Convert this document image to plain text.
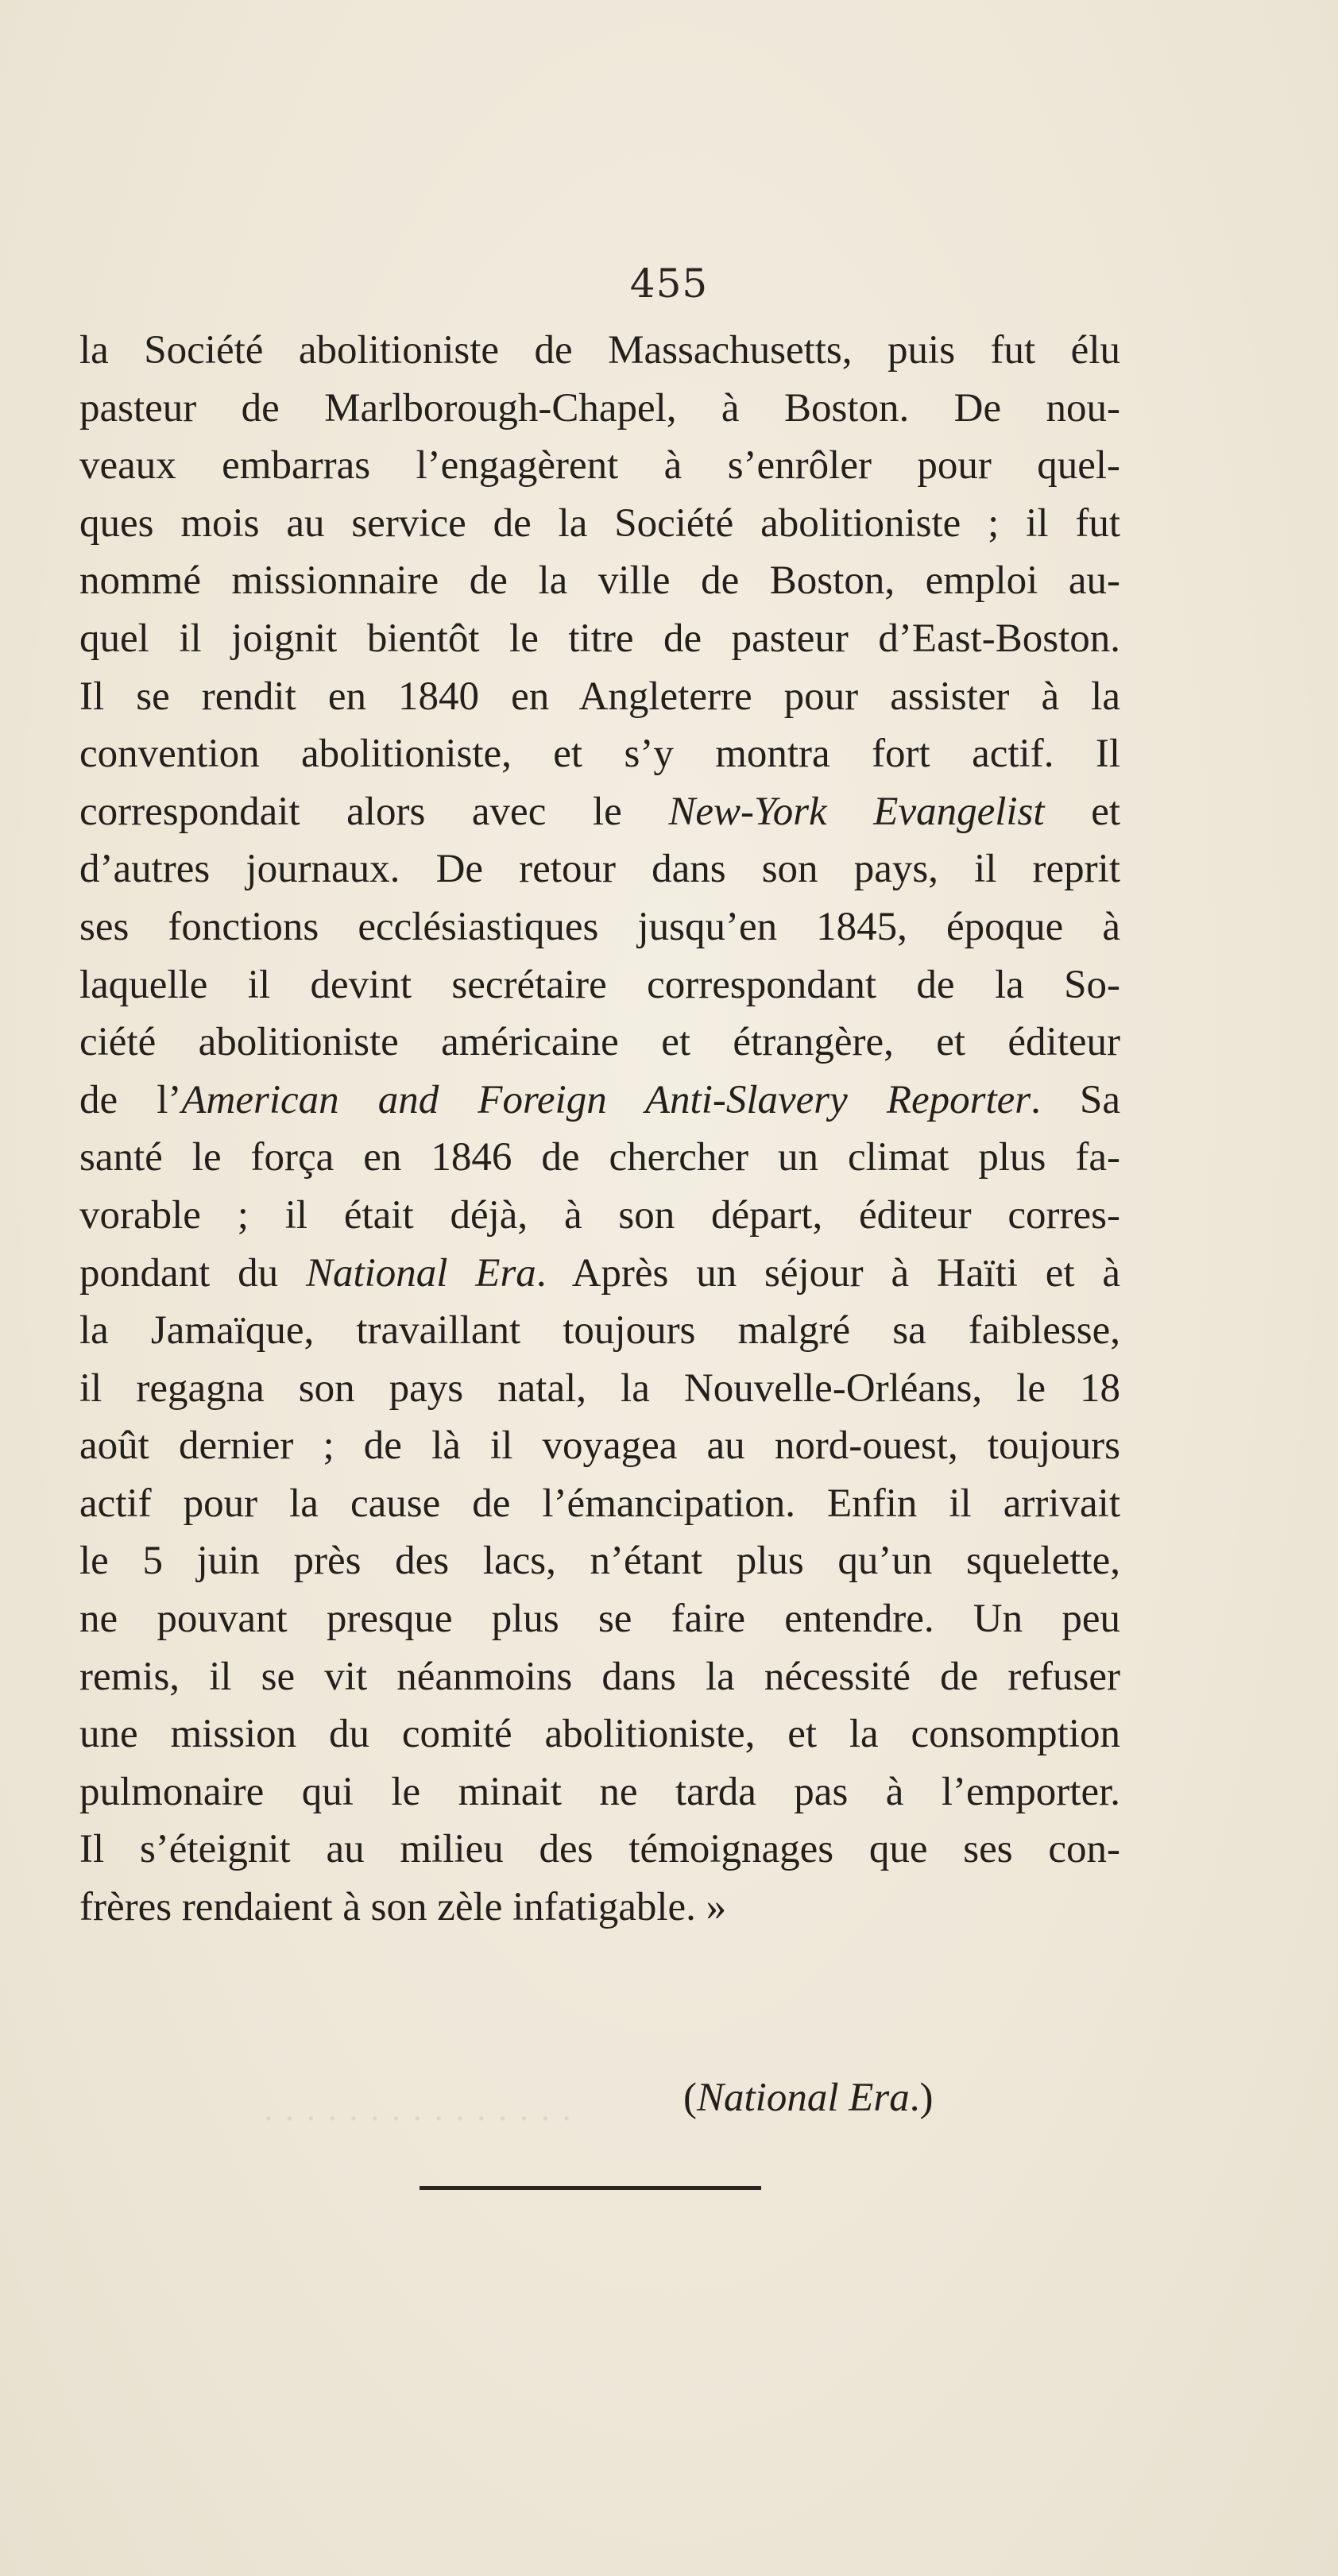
· · · · · · · · · · · · · · ·
455
la Société abolitioniste de Massachusetts, puis fut élu
pasteur de Marlborough-Chapel, à Boston. De nou-
veaux embarras l’engagèrent à s’enrôler pour quel-
ques mois au service de la Société abolitioniste ; il fut
nommé missionnaire de la ville de Boston, emploi au-
quel il joignit bientôt le titre de pasteur d’East-Boston.
Il se rendit en 1840 en Angleterre pour assister à la
convention abolitioniste, et s’y montra fort actif. Il
correspondait alors avec le New-York Evangelist et
d’autres journaux. De retour dans son pays, il reprit
ses fonctions ecclésiastiques jusqu’en 1845, époque à
laquelle il devint secrétaire correspondant de la So-
ciété abolitioniste américaine et étrangère, et éditeur
de l’American and Foreign Anti-Slavery Reporter. Sa
santé le força en 1846 de chercher un climat plus fa-
vorable ; il était déjà, à son départ, éditeur corres-
pondant du National Era. Après un séjour à Haïti et à
la Jamaïque, travaillant toujours malgré sa faiblesse,
il regagna son pays natal, la Nouvelle-Orléans, le 18
août dernier ; de là il voyagea au nord-ouest, toujours
actif pour la cause de l’émancipation. Enfin il arrivait
le 5 juin près des lacs, n’étant plus qu’un squelette,
ne pouvant presque plus se faire entendre. Un peu
remis, il se vit néanmoins dans la nécessité de refuser
une mission du comité abolitioniste, et la consomption
pulmonaire qui le minait ne tarda pas à l’emporter.
Il s’éteignit au milieu des témoignages que ses con-
frères rendaient à son zèle infatigable. »
(National Era.)
